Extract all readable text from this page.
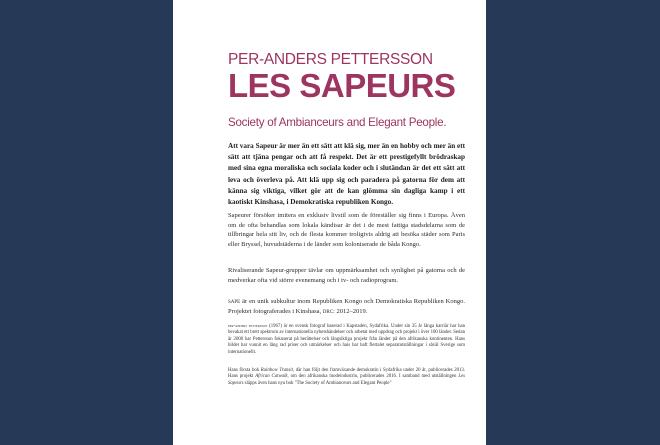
PER-ANDERS PETTERSSON
LES SAPEURS
Society of Ambianceurs and Elegant People.

Att vara Sapeur är mer än ett sätt att klä sig, mer än en hobby och mer än ett sätt att tjäna pengar och att få respekt. Det är ett prestigefyllt brödraskap med sina egna moraliska och sociala koder och i slutändan är det ett sätt att leva och överleva på. Att klä upp sig och paradera på gatorna för dem att känna sig viktiga, vilket gör att de kan glömma sin dagliga kamp i ett kaotiskt Kinshasa, i Demokratiska republiken Kongo.

Sapeurer försöker imitera en exklusiv livstil som de föreställer sig finns i Europa. Även om de ofta behandlas som lokala kändisar är det i de mest fattiga stadsdelarna som de tillbringar hela sitt liv, och de flesta kommer troligtvis aldrig att besöka städer som Paris eller Bryssel, huvudstäderna i de länder som koloniserade de båda Kongo.

Rivaliserande Sapeur-grupper tävlar om uppmärksamhet och synlighet på gatorna och de medverkar ofta vid större evenemang och i tv- och radioprogram.

sape är en unik subkultur inom Republiken Kongo och Demokratiska Republiken Kongo. Projektet fotograferades i Kinshasa, drc: 2012–2019.

per-anders pettersson (1967) är en svensk fotograf baserad i Kapstaden, Sydafrika. Under sin 35 år långa karriär har han bevakat ett brett spektrum av internationella nyhetshändelser och arbetat med uppdrag och projekt i över 100 länder. Sedan år 2000 har Pettersson fokuserat på berättelser och långsiktiga projekt från länder på den afrikanska kontinenten. Hans bilder har vunnit en lång rad priser och utmärkelser och hais har haft flertalet separatutställningar i såväl Sverige som internationellt.

Hans första bok Rainbow Transit, där han följt den framväxande demokratin i Sydafrika under 20 år, publicerades 2013. Hans projekt African Catwalk, om den afrikanska modeindustrin, publicerades 2016. I samband med utställningen Les Sapeurs släpps även hans nya bok "The Society of Ambianceurs and Elegant People"
